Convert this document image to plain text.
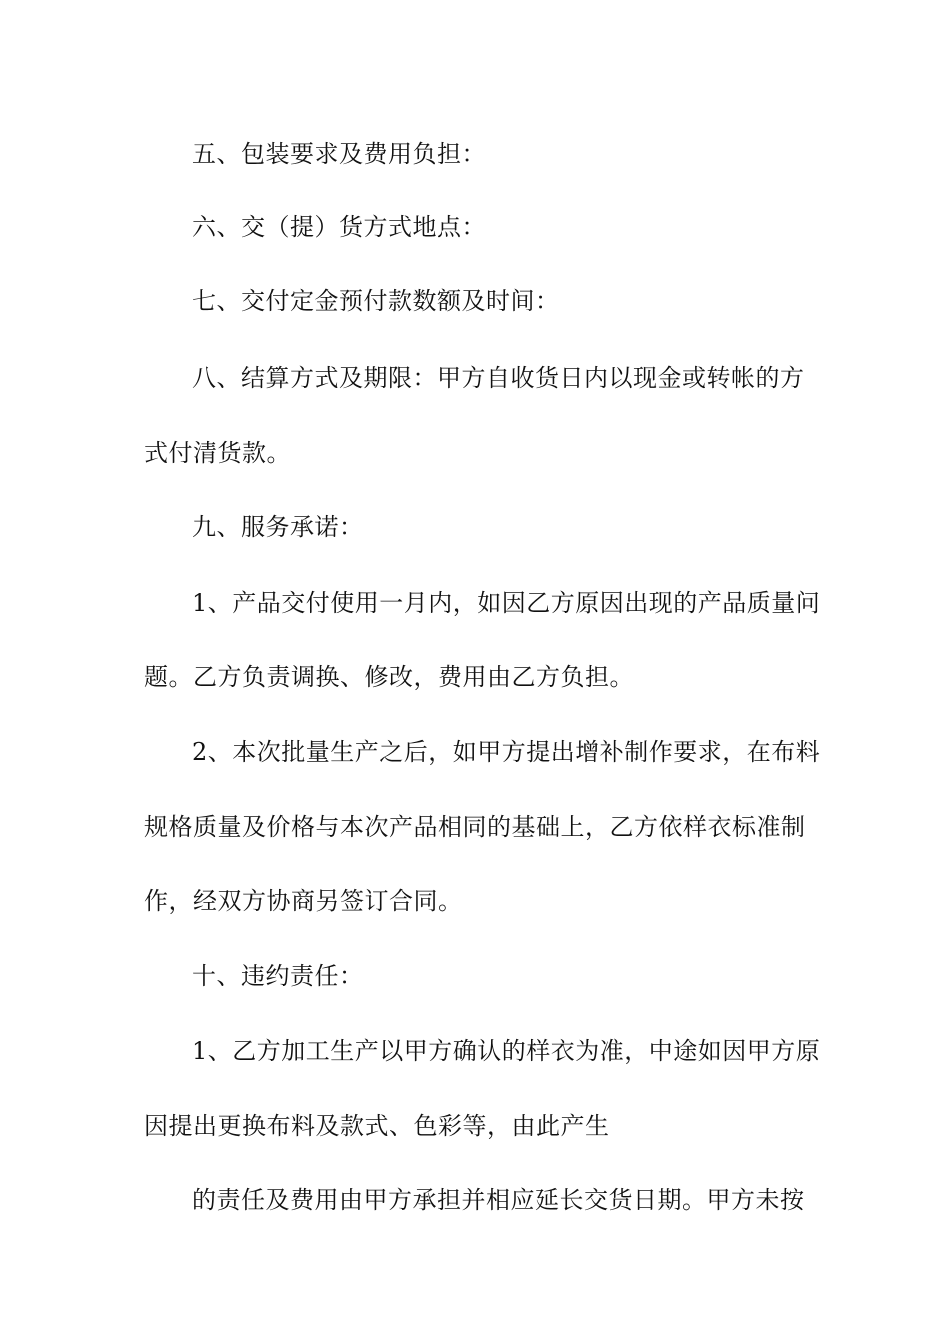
五、包装要求及费用负担：
六、交（提）货方式地点：
七、交付定金预付款数额及时间：
八、结算方式及期限：甲方自收货日内以现金或转帐的方
式付清货款。
九、服务承诺：
1、产品交付使用一月内，如因乙方原因出现的产品质量问
题。乙方负责调换、修改，费用由乙方负担。
2、本次批量生产之后，如甲方提出增补制作要求，在布料
规格质量及价格与本次产品相同的基础上，乙方依样衣标准制
作，经双方协商另签订合同。
十、违约责任：
1、乙方加工生产以甲方确认的样衣为准，中途如因甲方原
因提出更换布料及款式、色彩等，由此产生
的责任及费用由甲方承担并相应延长交货日期。甲方未按
